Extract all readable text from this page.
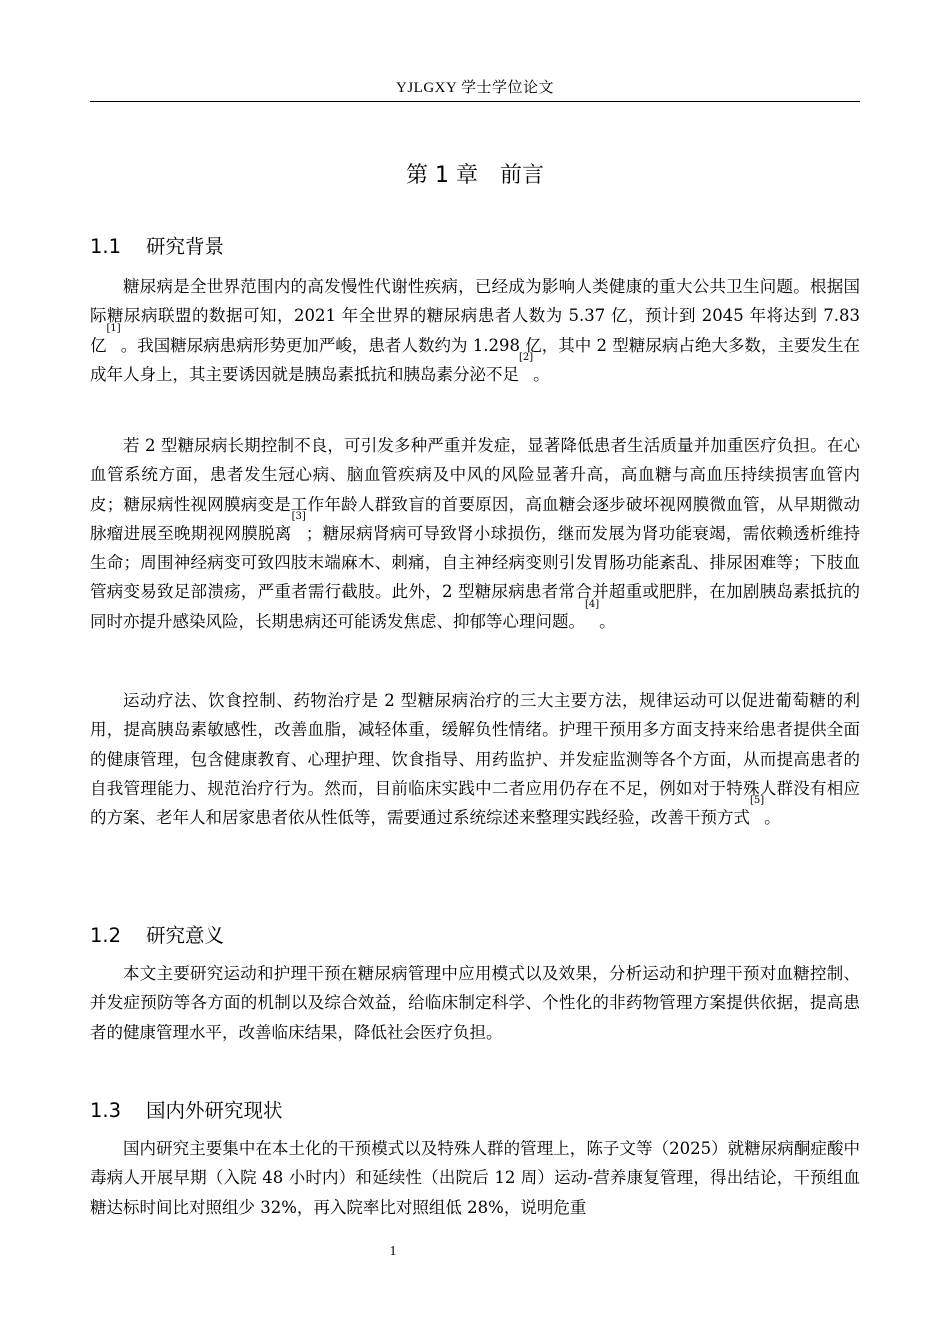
YJLGXY 学士学位论文
第 1 章 前言
1.1 研究背景

糖尿病是全世界范围内的高发慢性代谢性疾病，已经成为影响人类健康的重大公共卫生问题。根据国际糖尿病联盟的数据可知，2021 年全世界的糖尿病患者人数为 5.37 亿，预计到 2045 年将达到 7.83 亿[1]。我国糖尿病患病形势更加严峻，患者人数约为 1.298 亿，其中 2 型糖尿病占绝大多数，主要发生在成年人身上，其主要诱因就是胰岛素抵抗和胰岛素分泌不足[2]。

若 2 型糖尿病长期控制不良，可引发多种严重并发症，显著降低患者生活质量并加重医疗负担。在心血管系统方面，患者发生冠心病、脑血管疾病及中风的风险显著升高，高血糖与高血压持续损害血管内皮；糖尿病性视网膜病变是工作年龄人群致盲的首要原因，高血糖会逐步破坏视网膜微血管，从早期微动脉瘤进展至晚期视网膜脱离[3]；糖尿病肾病可导致肾小球损伤，继而发展为肾功能衰竭，需依赖透析维持生命；周围神经病变可致四肢末端麻木、刺痛，自主神经病变则引发胃肠功能紊乱、排尿困难等；下肢血管病变易致足部溃疡，严重者需行截肢。此外，2 型糖尿病患者常合并超重或肥胖，在加剧胰岛素抵抗的同时亦提升感染风险，长期患病还可能诱发焦虑、抑郁等心理问题。[4]。

运动疗法、饮食控制、药物治疗是 2 型糖尿病治疗的三大主要方法，规律运动可以促进葡萄糖的利用，提高胰岛素敏感性，改善血脂，减轻体重，缓解负性情绪。护理干预用多方面支持来给患者提供全面的健康管理，包含健康教育、心理护理、饮食指导、用药监护、并发症监测等各个方面，从而提高患者的自我管理能力、规范治疗行为。然而，目前临床实践中二者应用仍存在不足，例如对于特殊人群没有相应的方案、老年人和居家患者依从性低等，需要通过系统综述来整理实践经验，改善干预方式[5]。

1.2 研究意义

本文主要研究运动和护理干预在糖尿病管理中应用模式以及效果，分析运动和护理干预对血糖控制、并发症预防等各方面的机制以及综合效益，给临床制定科学、个性化的非药物管理方案提供依据，提高患者的健康管理水平，改善临床结果，降低社会医疗负担。

1.3 国内外研究现状

国内研究主要集中在本土化的干预模式以及特殊人群的管理上，陈子文等（2025）就糖尿病酮症酸中毒病人开展早期（入院 48 小时内）和延续性（出院后 12 周）运动-营养康复管理，得出结论，干预组血糖达标时间比对照组少 32%，再入院率比对照组低 28%，说明危重

1
